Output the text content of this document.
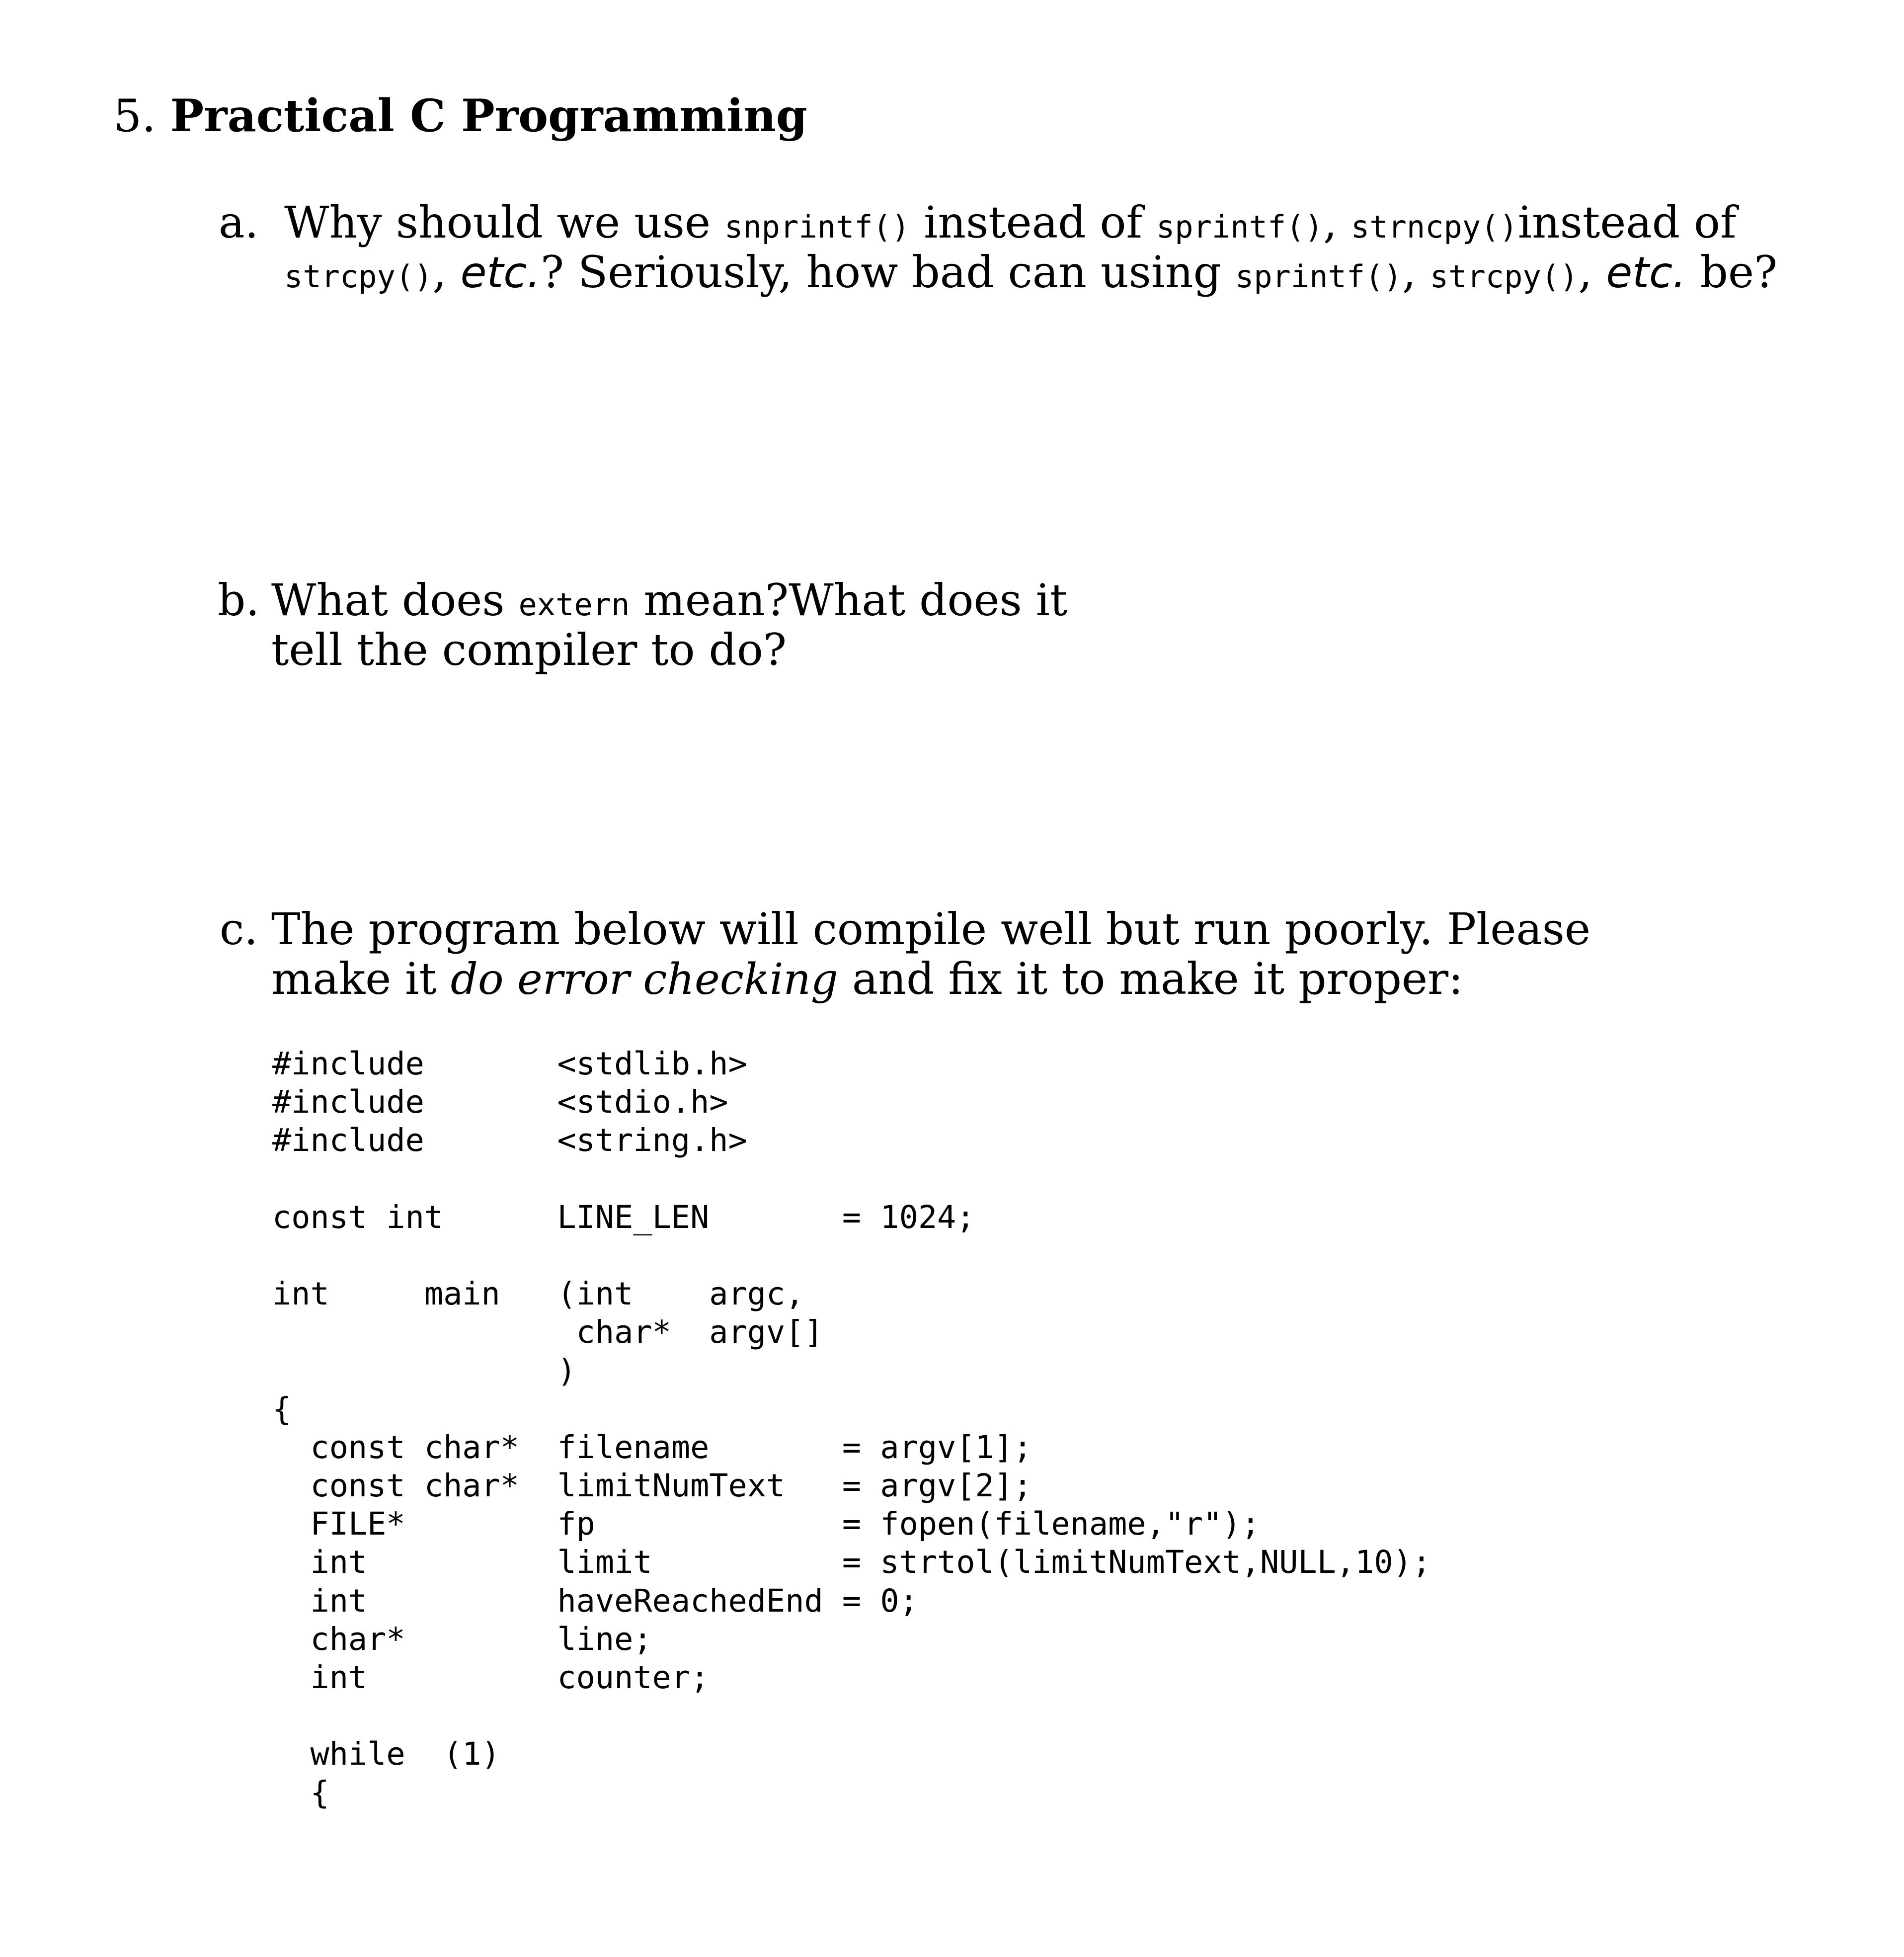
5. Practical C Programming
a. Why should we use snprintf() instead of sprintf(), strncpy()instead of
strcpy(), etc.? Seriously, how bad can using sprintf(), strcpy(), etc. be?
b. What does extern mean?What does it
tell the compiler to do?
c. The program below will compile well but run poorly. Please
make it do error checking and fix it to make it proper:
#include       <stdlib.h>
#include       <stdio.h>
#include       <string.h>
const int      LINE_LEN       = 1024;
int     main   (int    argc,
char*  argv[]
)
{
const char*  filename       = argv[1];
const char*  limitNumText   = argv[2];
FILE*        fp             = fopen(filename,"r");
int          limit          = strtol(limitNumText,NULL,10);
int          haveReachedEnd = 0;
char*        line;
int          counter;
while  (1)
{
